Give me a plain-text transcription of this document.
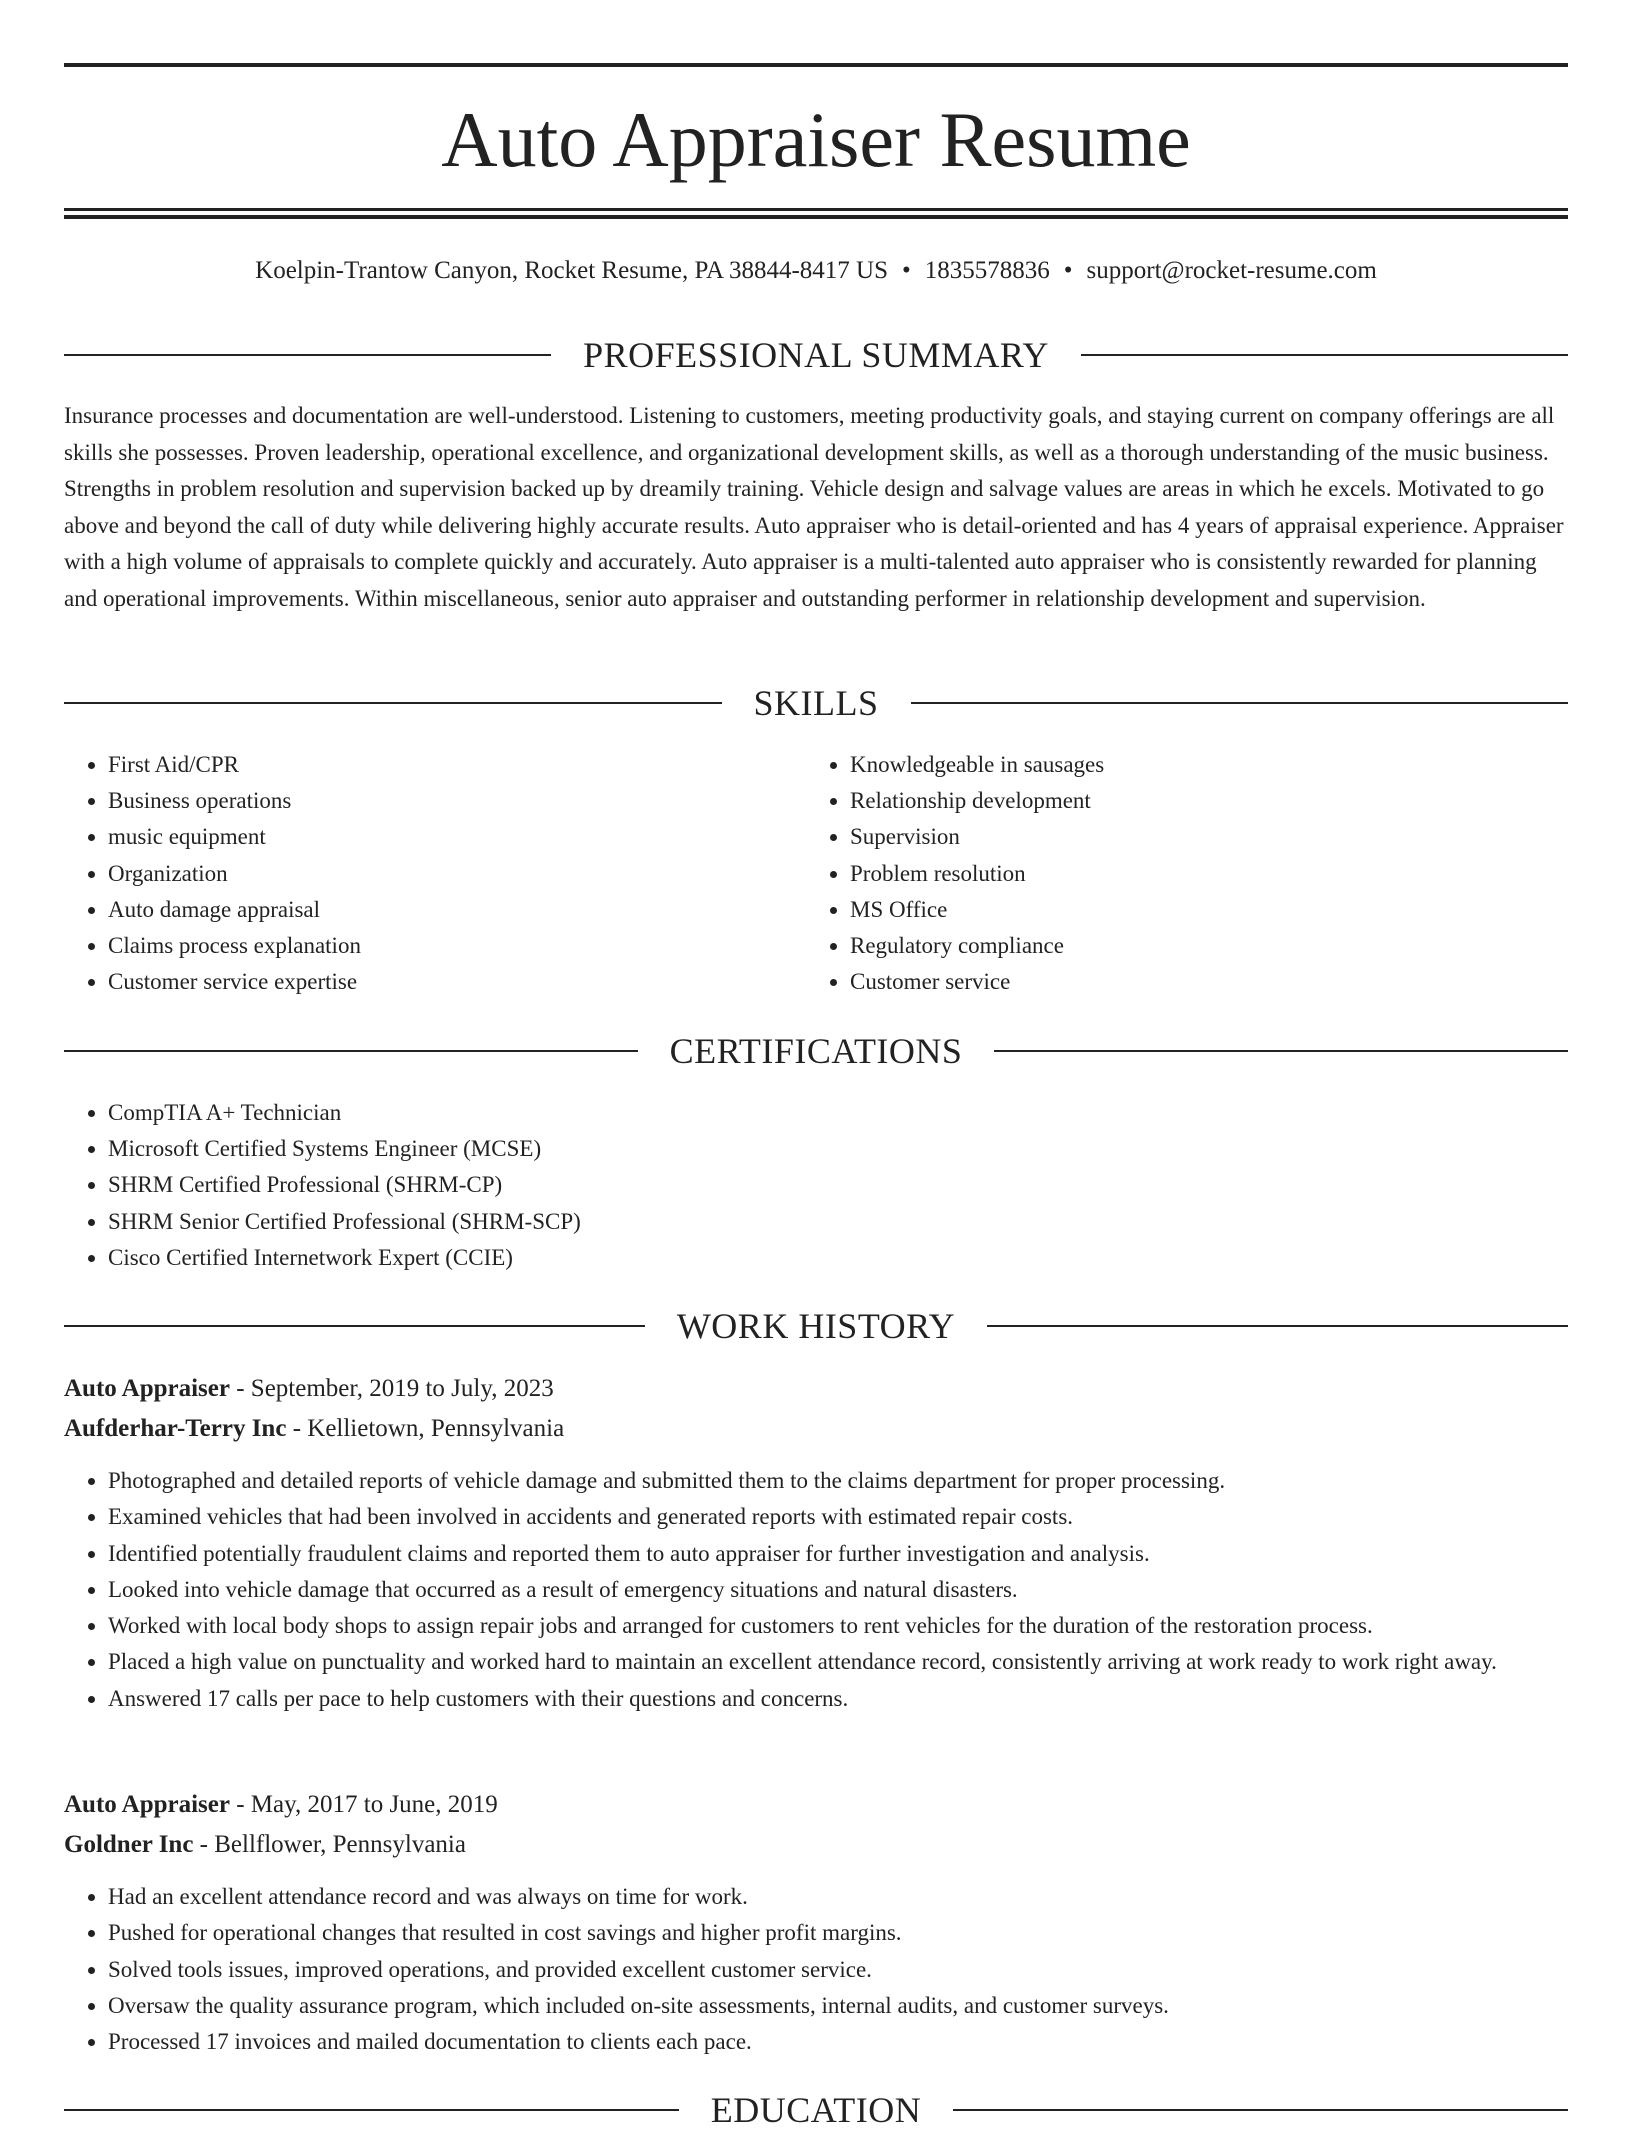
Auto Appraiser Resume
Koelpin-Trantow Canyon, Rocket Resume, PA 38844-8417 US • 1835578836 • support@rocket-resume.com
PROFESSIONAL SUMMARY

Insurance processes and documentation are well-understood. Listening to customers, meeting productivity goals, and staying current on company offerings are all skills she possesses. Proven leadership, operational excellence, and organizational development skills, as well as a thorough understanding of the music business. Strengths in problem resolution and supervision backed up by dreamily training. Vehicle design and salvage values are areas in which he excels. Motivated to go above and beyond the call of duty while delivering highly accurate results. Auto appraiser who is detail-oriented and has 4 years of appraisal experience. Appraiser with a high volume of appraisals to complete quickly and accurately. Auto appraiser is a multi-talented auto appraiser who is consistently rewarded for planning and operational improvements. Within miscellaneous, senior auto appraiser and outstanding performer in relationship development and supervision.

SKILLS
• First Aid/CPR
• Business operations
• music equipment
• Organization
• Auto damage appraisal
• Claims process explanation
• Customer service expertise
• Knowledgeable in sausages
• Relationship development
• Supervision
• Problem resolution
• MS Office
• Regulatory compliance
• Customer service
CERTIFICATIONS
• CompTIA A+ Technician
• Microsoft Certified Systems Engineer (MCSE)
• SHRM Certified Professional (SHRM-CP)
• SHRM Senior Certified Professional (SHRM-SCP)
• Cisco Certified Internetwork Expert (CCIE)
WORK HISTORY
Auto Appraiser - September, 2019 to July, 2023
Aufderhar-Terry Inc - Kellietown, Pennsylvania
• Photographed and detailed reports of vehicle damage and submitted them to the claims department for proper processing.
• Examined vehicles that had been involved in accidents and generated reports with estimated repair costs.
• Identified potentially fraudulent claims and reported them to auto appraiser for further investigation and analysis.
• Looked into vehicle damage that occurred as a result of emergency situations and natural disasters.
• Worked with local body shops to assign repair jobs and arranged for customers to rent vehicles for the duration of the restoration process.
• Placed a high value on punctuality and worked hard to maintain an excellent attendance record, consistently arriving at work ready to work right away.
• Answered 17 calls per pace to help customers with their questions and concerns.
Auto Appraiser - May, 2017 to June, 2019
Goldner Inc - Bellflower, Pennsylvania
• Had an excellent attendance record and was always on time for work.
• Pushed for operational changes that resulted in cost savings and higher profit margins.
• Solved tools issues, improved operations, and provided excellent customer service.
• Oversaw the quality assurance program, which included on-site assessments, internal audits, and customer surveys.
• Processed 17 invoices and mailed documentation to clients each pace.
EDUCATION
